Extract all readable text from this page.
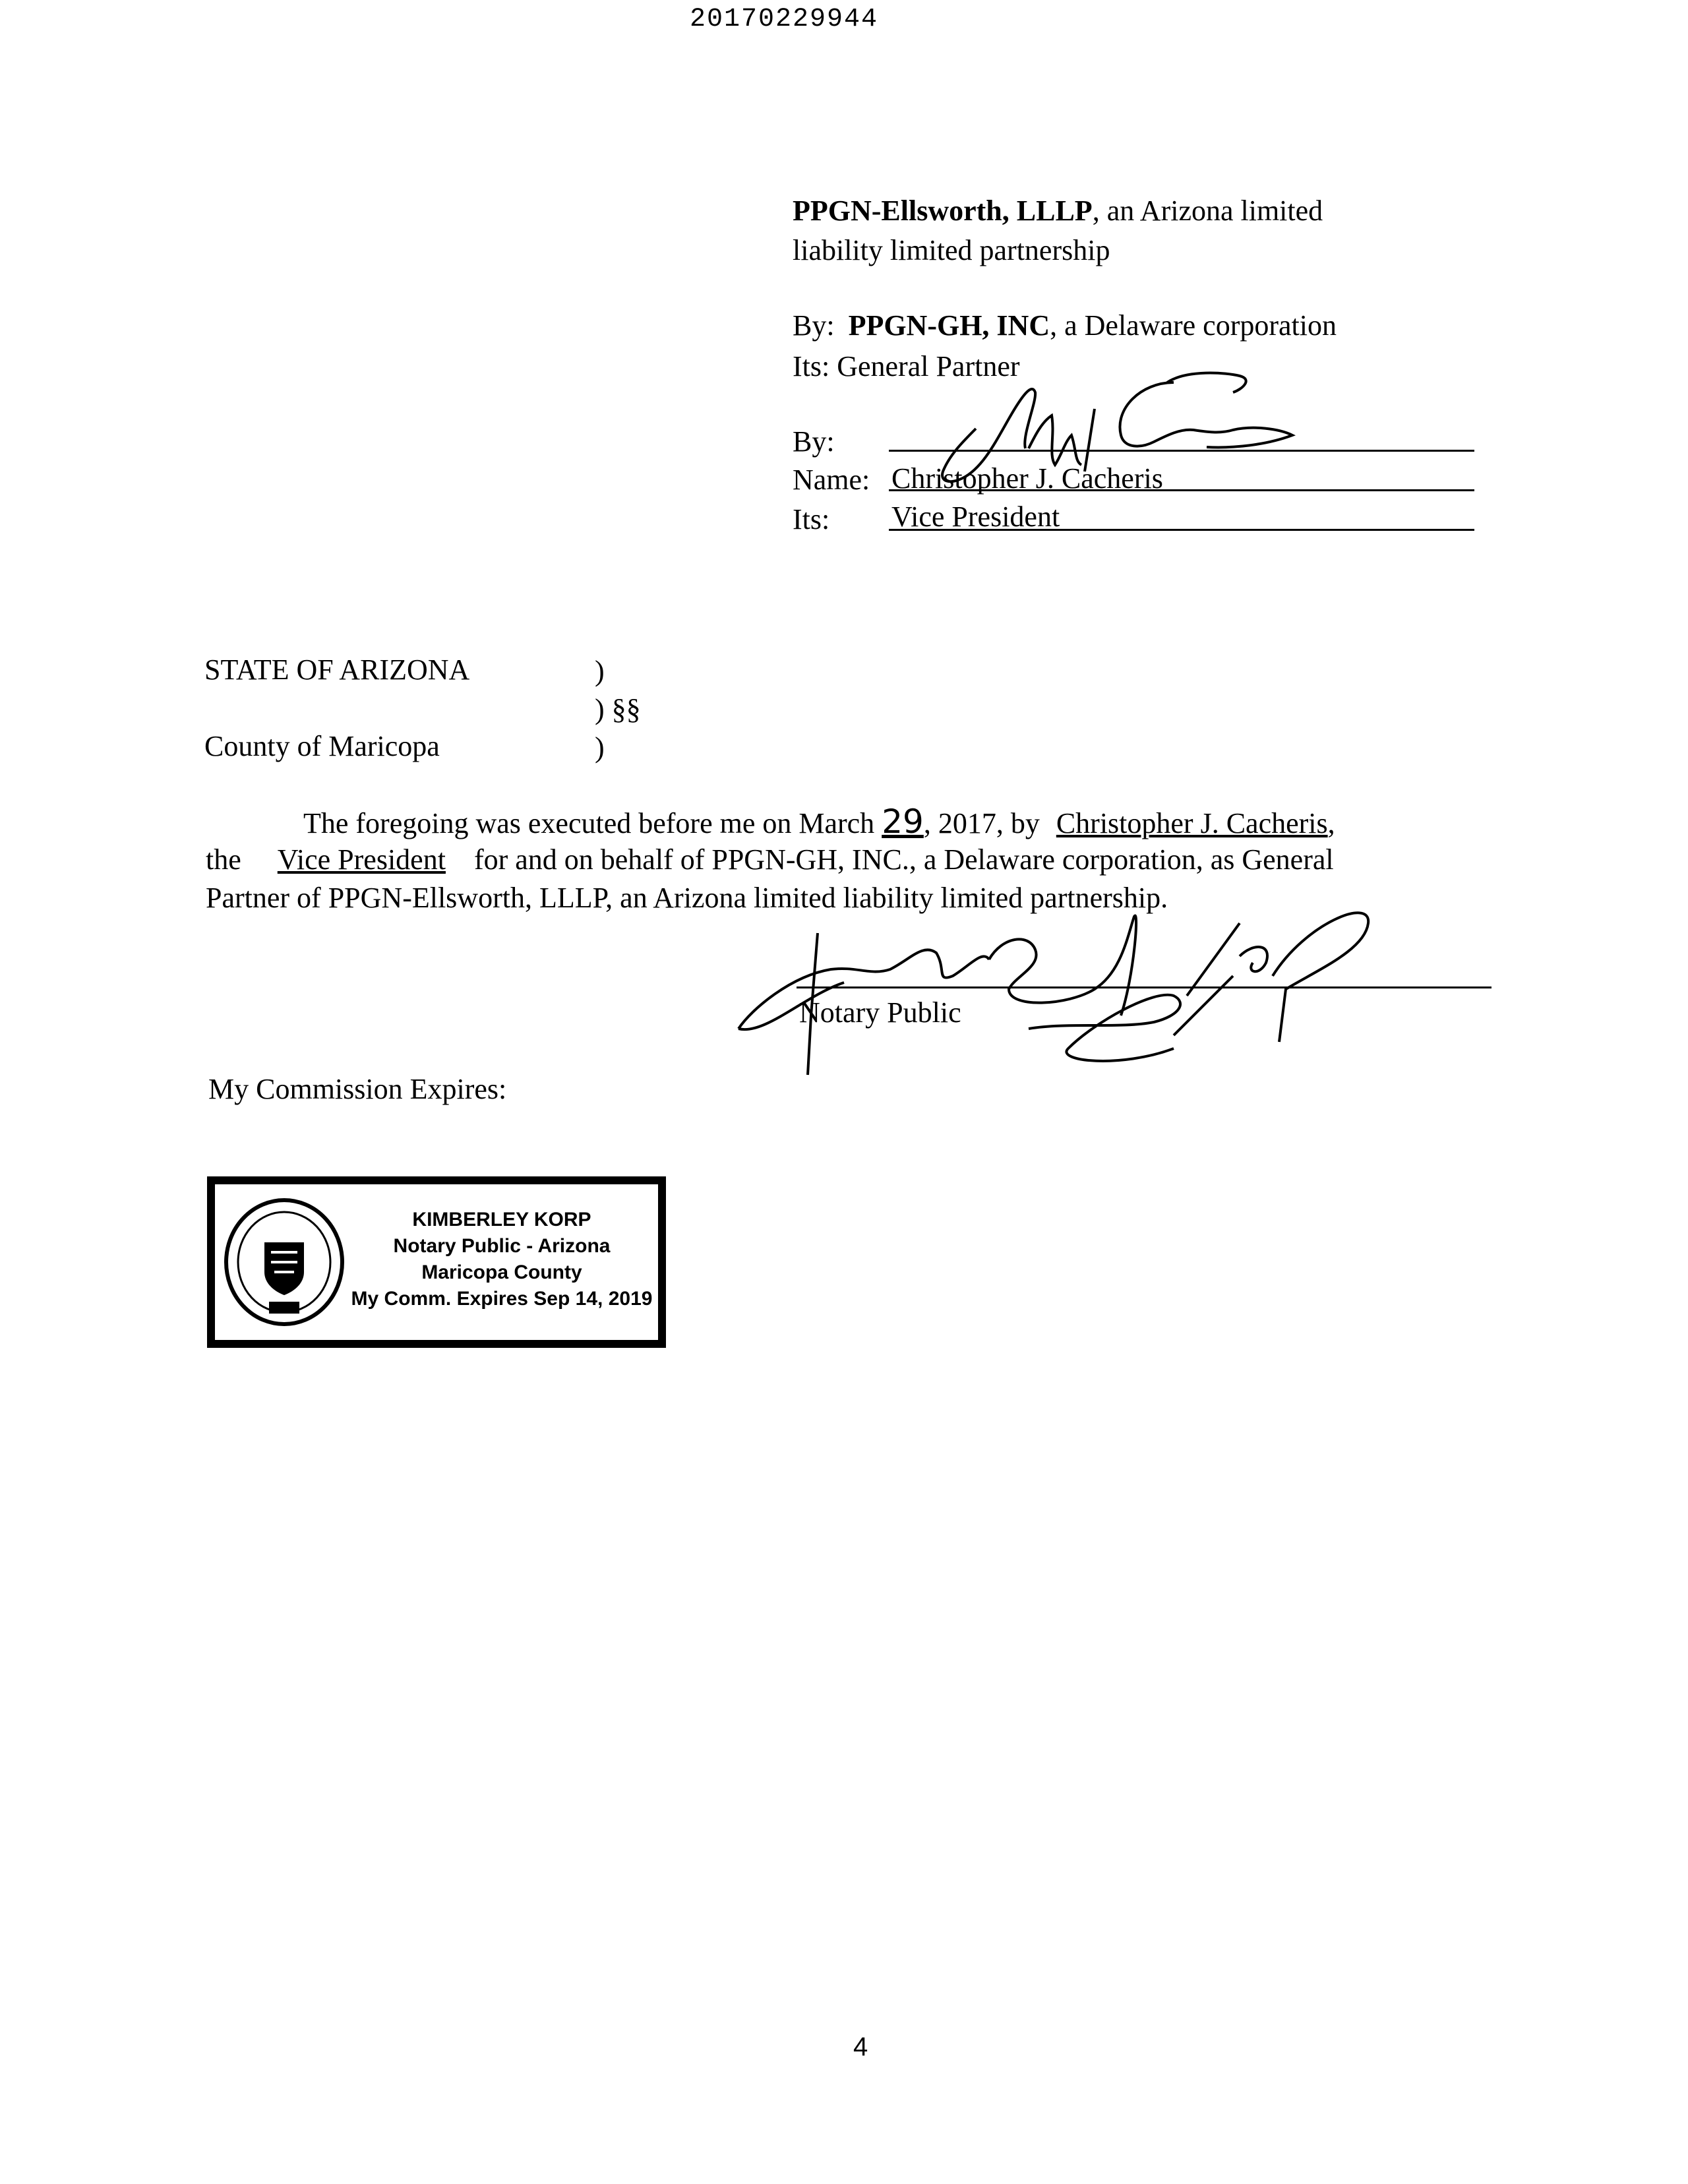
20170229944
PPGN-Ellsworth, LLLP, an Arizona limited
liability limited partnership
By: PPGN-GH, INC, a Delaware corporation
Its: General Partner
By:
Name: Christopher J. Cacheris
Its: Vice President
STATE OF ARIZONA	)
) §§
County of Maricopa	)
The foregoing was executed before me on March 29, 2017, by Christopher J. Cacheris,
the Vice President for and on behalf of PPGN-GH, INC., a Delaware corporation, as General
Partner of PPGN-Ellsworth, LLLP, an Arizona limited liability limited partnership.
Notary Public
My Commission Expires:
KIMBERLEY KORP
Notary Public - Arizona
Maricopa County
My Comm. Expires Sep 14, 2019
4
